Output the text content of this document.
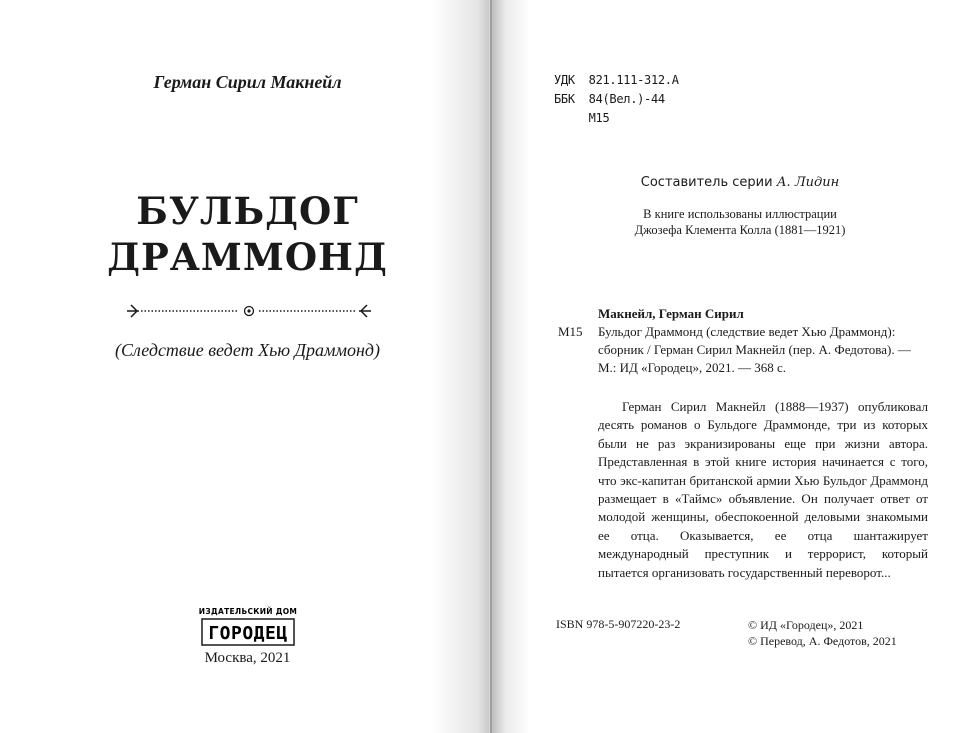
Герман Сирил Макнейл
БУЛЬДОГ
ДРАММОНД
(Следствие ведет Хью Драммонд)
ИЗДАТЕЛЬСКИЙ ДОМ
ГОРОДЕЦ
Москва, 2021
УДК 821.111-312.А
ББК 84(Вел.)-44
М15
Составитель серии А. Лидин
В книге использованы иллюстрации
Джозефа Клемента Колла (1881—1921)
М15
Макнейл, Герман Сирил
Бульдог Драммонд (следствие ведет Хью Драммонд): сборник / Герман Сирил Макнейл (пер. А. Федотова). — М.: ИД «Городец», 2021. — 368 с.
Герман Сирил Макнейл (1888—1937) опубликовал десять романов о Бульдоге Драммонде, три из которых были не раз экранизированы еще при жизни автора. Представленная в этой книге история начинается с того, что экс-капитан британской армии Хью Бульдог Драммонд размещает в «Таймс» объявление. Он получает ответ от молодой женщины, обеспокоенной деловыми знакомыми ее отца. Оказывается, ее отца шантажирует международный преступник и террорист, который пытается организовать государственный переворот...
ISBN 978-5-907220-23-2	© ИД «Городец», 2021
© Перевод, А. Федотов, 2021
